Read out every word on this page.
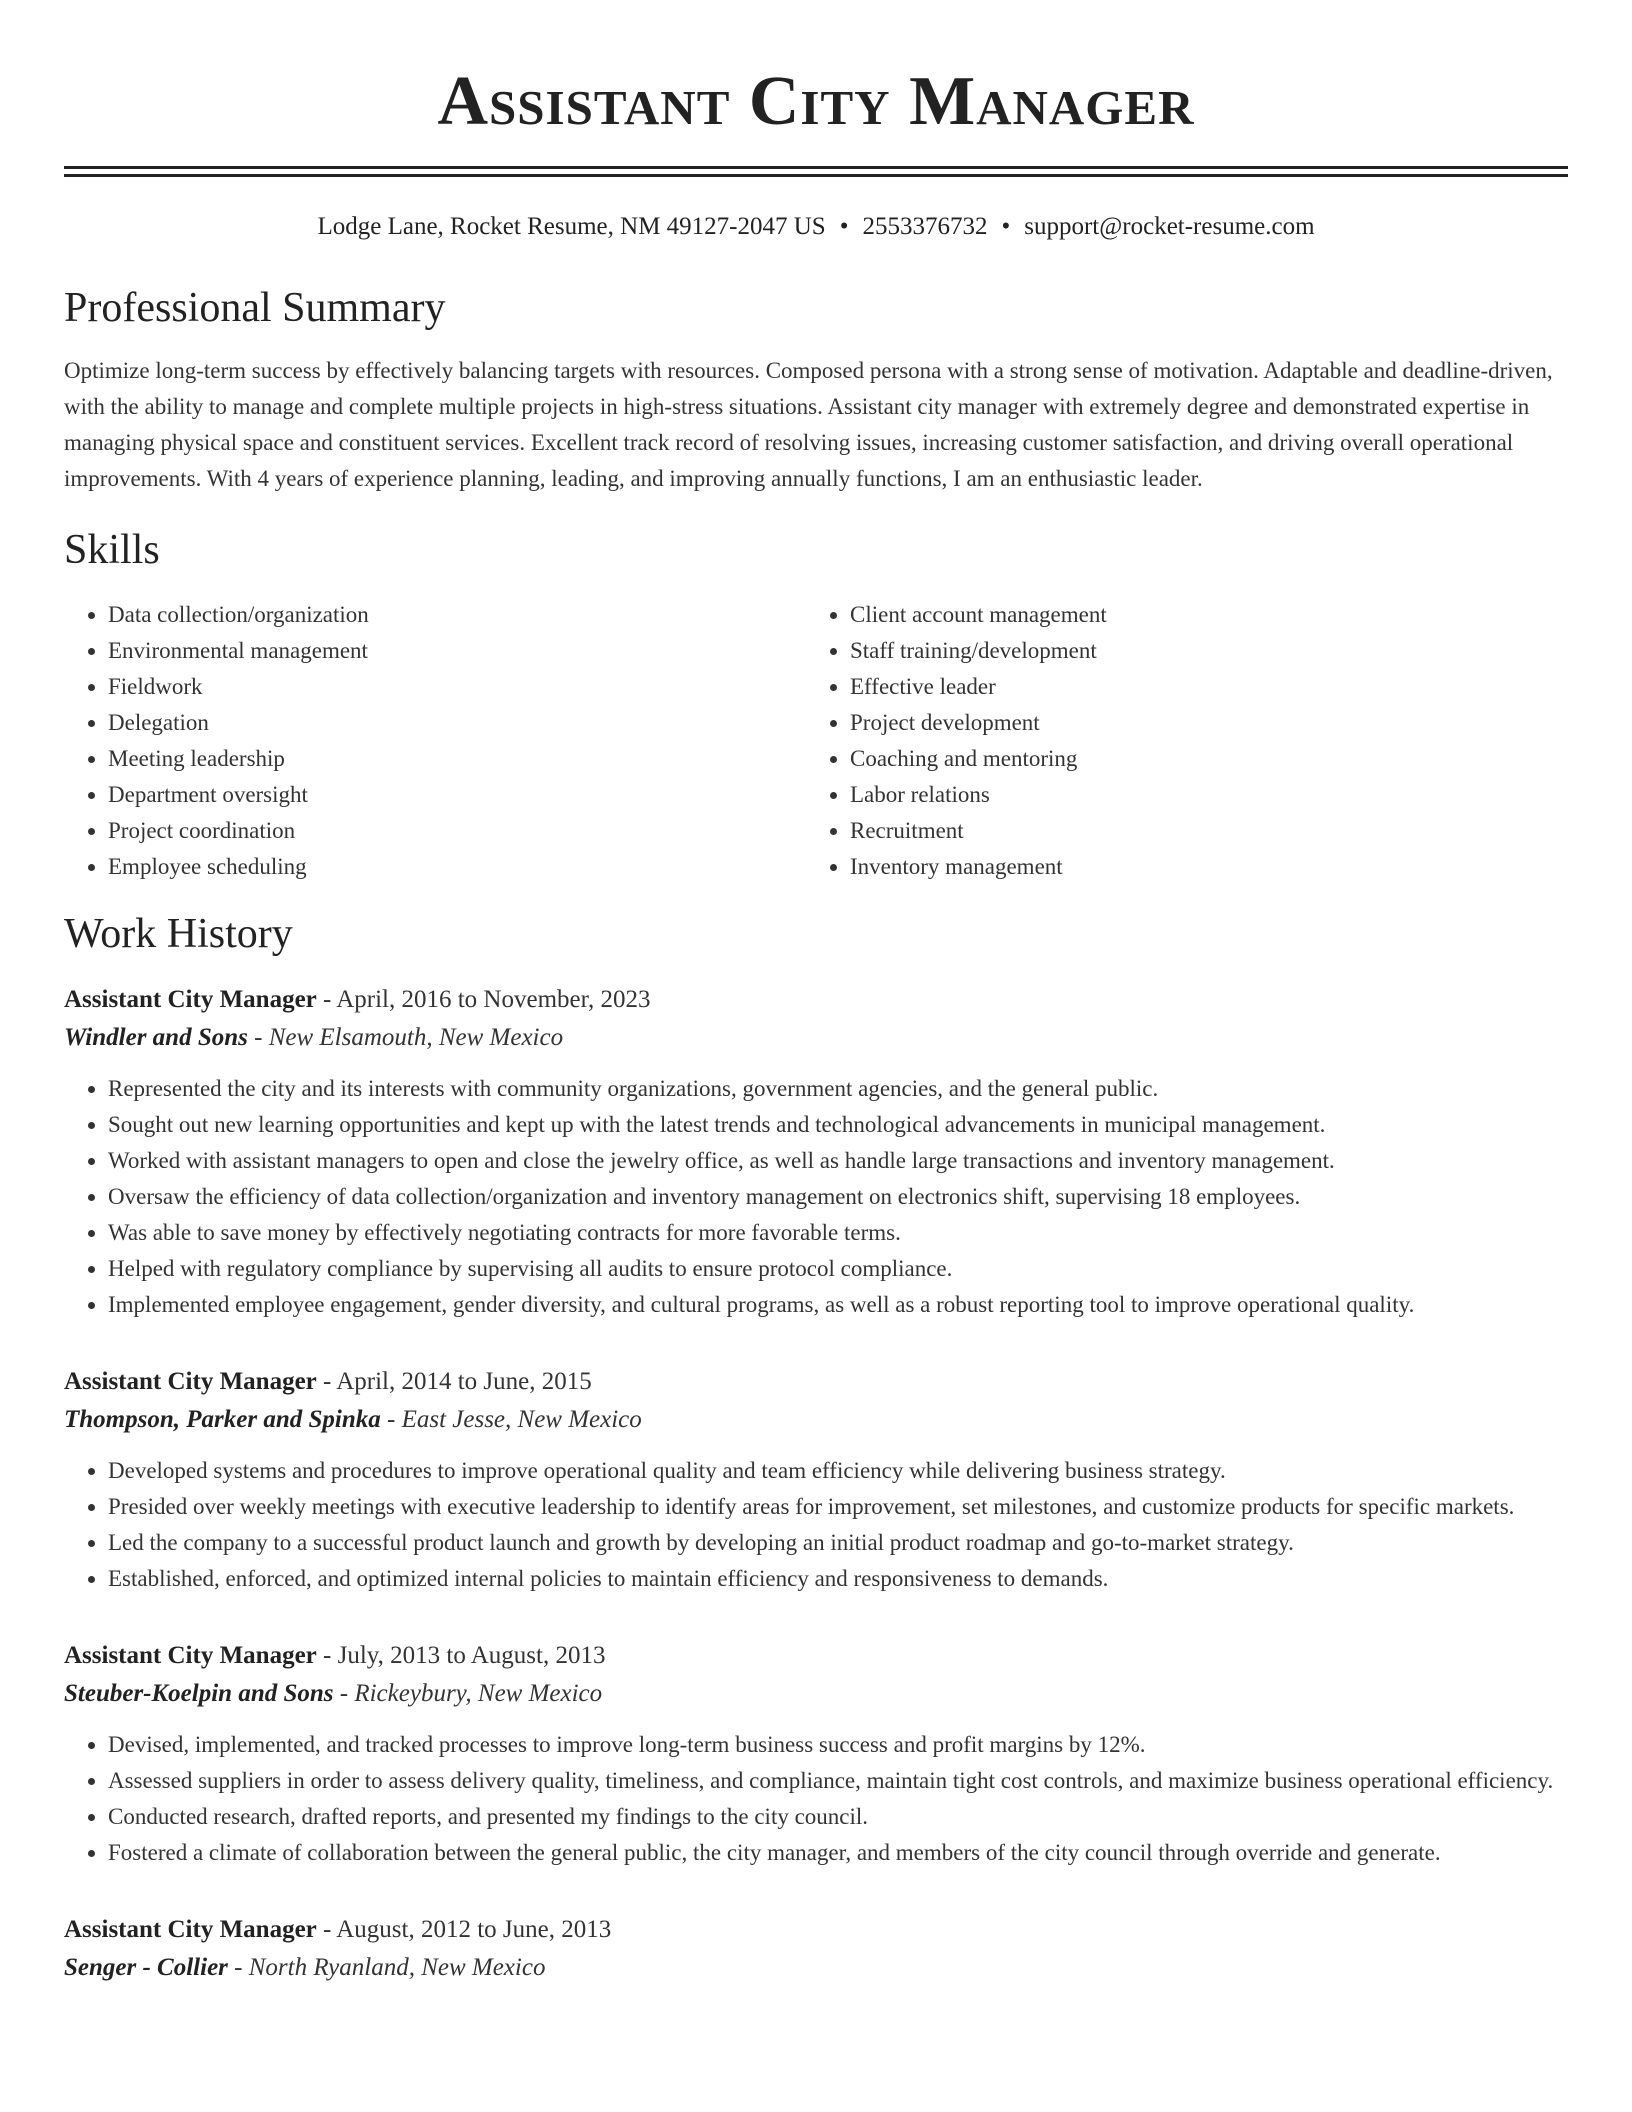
Assistant City Manager
Lodge Lane, Rocket Resume, NM 49127-2047 US • 2553376732 • support@rocket-resume.com
Professional Summary

Optimize long-term success by effectively balancing targets with resources. Composed persona with a strong sense of motivation. Adaptable and deadline-driven, with the ability to manage and complete multiple projects in high-stress situations. Assistant city manager with extremely degree and demonstrated expertise in managing physical space and constituent services. Excellent track record of resolving issues, increasing customer satisfaction, and driving overall operational improvements. With 4 years of experience planning, leading, and improving annually functions, I am an enthusiastic leader.

Skills
• Data collection/organization
• Environmental management
• Fieldwork
• Delegation
• Meeting leadership
• Department oversight
• Project coordination
• Employee scheduling
• Client account management
• Staff training/development
• Effective leader
• Project development
• Coaching and mentoring
• Labor relations
• Recruitment
• Inventory management
Work History
Assistant City Manager - April, 2016 to November, 2023
Windler and Sons - New Elsamouth, New Mexico
• Represented the city and its interests with community organizations, government agencies, and the general public.
• Sought out new learning opportunities and kept up with the latest trends and technological advancements in municipal management.
• Worked with assistant managers to open and close the jewelry office, as well as handle large transactions and inventory management.
• Oversaw the efficiency of data collection/organization and inventory management on electronics shift, supervising 18 employees.
• Was able to save money by effectively negotiating contracts for more favorable terms.
• Helped with regulatory compliance by supervising all audits to ensure protocol compliance.
• Implemented employee engagement, gender diversity, and cultural programs, as well as a robust reporting tool to improve operational quality.
Assistant City Manager - April, 2014 to June, 2015
Thompson, Parker and Spinka - East Jesse, New Mexico
• Developed systems and procedures to improve operational quality and team efficiency while delivering business strategy.
• Presided over weekly meetings with executive leadership to identify areas for improvement, set milestones, and customize products for specific markets.
• Led the company to a successful product launch and growth by developing an initial product roadmap and go-to-market strategy.
• Established, enforced, and optimized internal policies to maintain efficiency and responsiveness to demands.
Assistant City Manager - July, 2013 to August, 2013
Steuber-Koelpin and Sons - Rickeybury, New Mexico
• Devised, implemented, and tracked processes to improve long-term business success and profit margins by 12%.
• Assessed suppliers in order to assess delivery quality, timeliness, and compliance, maintain tight cost controls, and maximize business operational efficiency.
• Conducted research, drafted reports, and presented my findings to the city council.
• Fostered a climate of collaboration between the general public, the city manager, and members of the city council through override and generate.
Assistant City Manager - August, 2012 to June, 2013
Senger - Collier - North Ryanland, New Mexico
